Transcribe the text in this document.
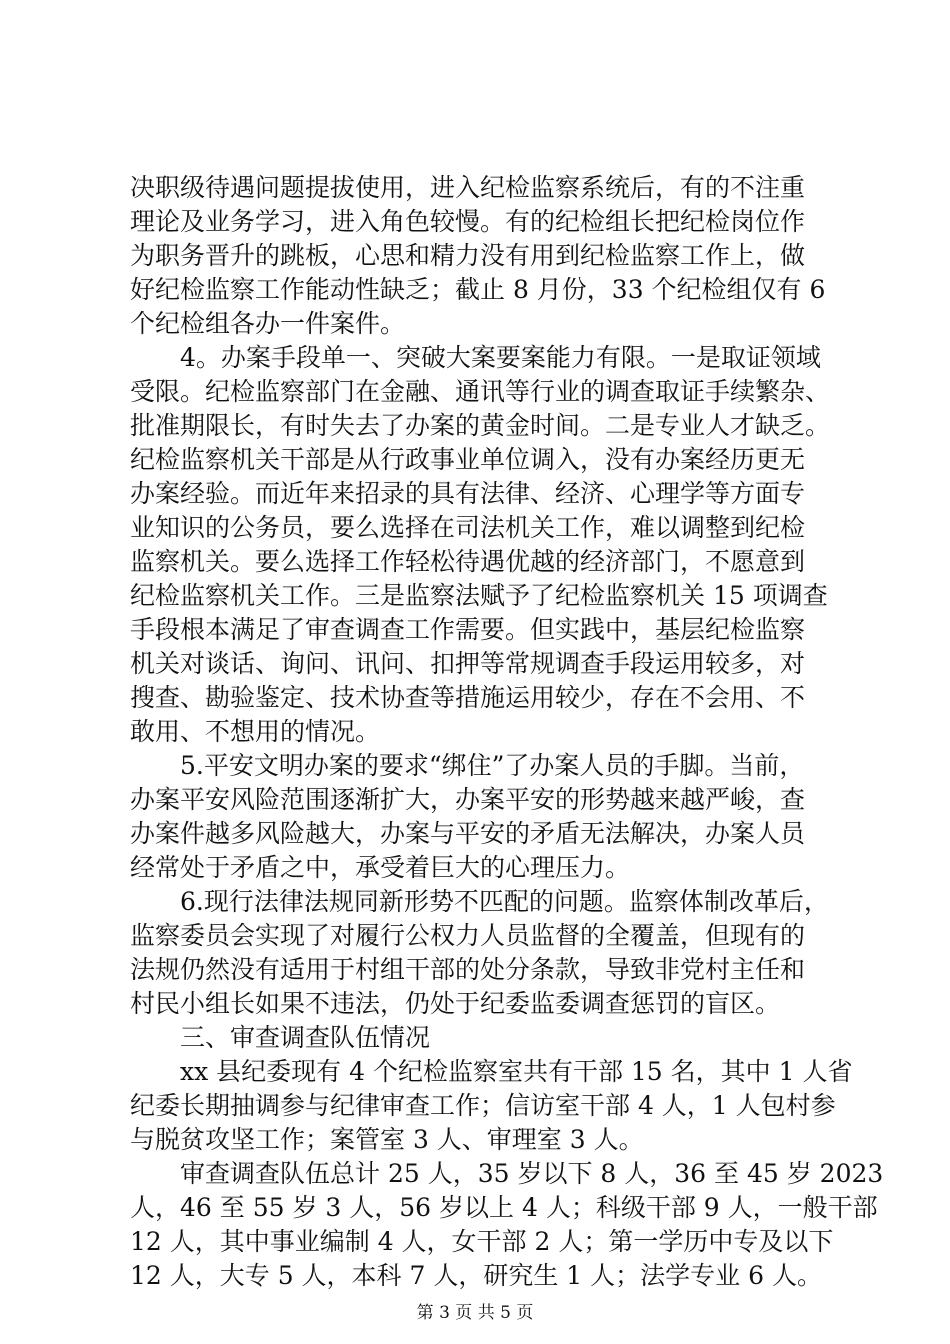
决职级待遇问题提拔使用，进入纪检监察系统后，有的不注重
理论及业务学习，进入角色较慢。有的纪检组长把纪检岗位作
为职务晋升的跳板，心思和精力没有用到纪检监察工作上，做
好纪检监察工作能动性缺乏；截止 8 月份，33 个纪检组仅有 6
个纪检组各办一件案件。
　　4。办案手段单一、突破大案要案能力有限。一是取证领域
受限。纪检监察部门在金融、通讯等行业的调查取证手续繁杂、
批准期限长，有时失去了办案的黄金时间。二是专业人才缺乏。
纪检监察机关干部是从行政事业单位调入，没有办案经历更无
办案经验。而近年来招录的具有法律、经济、心理学等方面专
业知识的公务员，要么选择在司法机关工作，难以调整到纪检
监察机关。要么选择工作轻松待遇优越的经济部门，不愿意到
纪检监察机关工作。三是监察法赋予了纪检监察机关 15 项调查
手段根本满足了审查调查工作需要。但实践中，基层纪检监察
机关对谈话、询问、讯问、扣押等常规调查手段运用较多，对
搜查、勘验鉴定、技术协查等措施运用较少，存在不会用、不
敢用、不想用的情况。
　　5.平安文明办案的要求“绑住”了办案人员的手脚。当前，
办案平安风险范围逐渐扩大，办案平安的形势越来越严峻，查
办案件越多风险越大，办案与平安的矛盾无法解决，办案人员
经常处于矛盾之中，承受着巨大的心理压力。
　　6.现行法律法规同新形势不匹配的问题。监察体制改革后，
监察委员会实现了对履行公权力人员监督的全覆盖，但现有的
法规仍然没有适用于村组干部的处分条款，导致非党村主任和
村民小组长如果不违法，仍处于纪委监委调查惩罚的盲区。
　　三、审查调查队伍情况
　　xx 县纪委现有 4 个纪检监察室共有干部 15 名，其中 1 人省
纪委长期抽调参与纪律审查工作；信访室干部 4 人，1 人包村参
与脱贫攻坚工作；案管室 3 人、审理室 3 人。
　　审查调查队伍总计 25 人，35 岁以下 8 人，36 至 45 岁 2023
人，46 至 55 岁 3 人，56 岁以上 4 人；科级干部 9 人，一般干部
12 人，其中事业编制 4 人，女干部 2 人；第一学历中专及以下
12 人，大专 5 人，本科 7 人，研究生 1 人；法学专业 6 人。
第 3 页 共 5 页
